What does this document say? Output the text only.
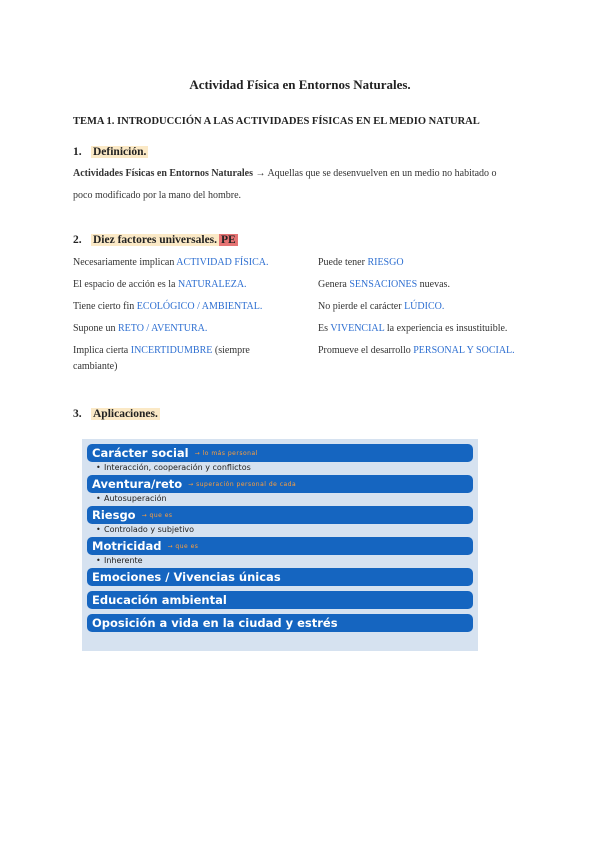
Actividad Física en Entornos Naturales.
TEMA 1. INTRODUCCIÓN A LAS ACTIVIDADES FÍSICAS EN EL MEDIO NATURAL
1. Definición.
Actividades Físicas en Entornos Naturales → Aquellas que se desenvuelven en un medio no habitado o
poco modificado por la mano del hombre.
2. Diez factores universales. PE
Necesariamente implican ACTIVIDAD FÍSICA.
El espacio de acción es la NATURALEZA.
Tiene cierto fin ECOLÓGICO / AMBIENTAL.
Supone un RETO / AVENTURA.
Implica cierta INCERTIDUMBRE (siempre
cambiante)
Puede tener RIESGO
Genera SENSACIONES nuevas.
No pierde el carácter LÚDICO.
Es VIVENCIAL la experiencia es insustituible.
Promueve el desarrollo PERSONAL Y SOCIAL.
3. Aplicaciones.
Carácter social → lo más personal
• Interacción, cooperación y conflictos
Aventura/reto → superación personal de cada
• Autosuperación
Riesgo → que es
• Controlado y subjetivo
Motricidad → que es
• Inherente
Emociones / Vivencias únicas
Educación ambiental
Oposición a vida en la ciudad y estrés
